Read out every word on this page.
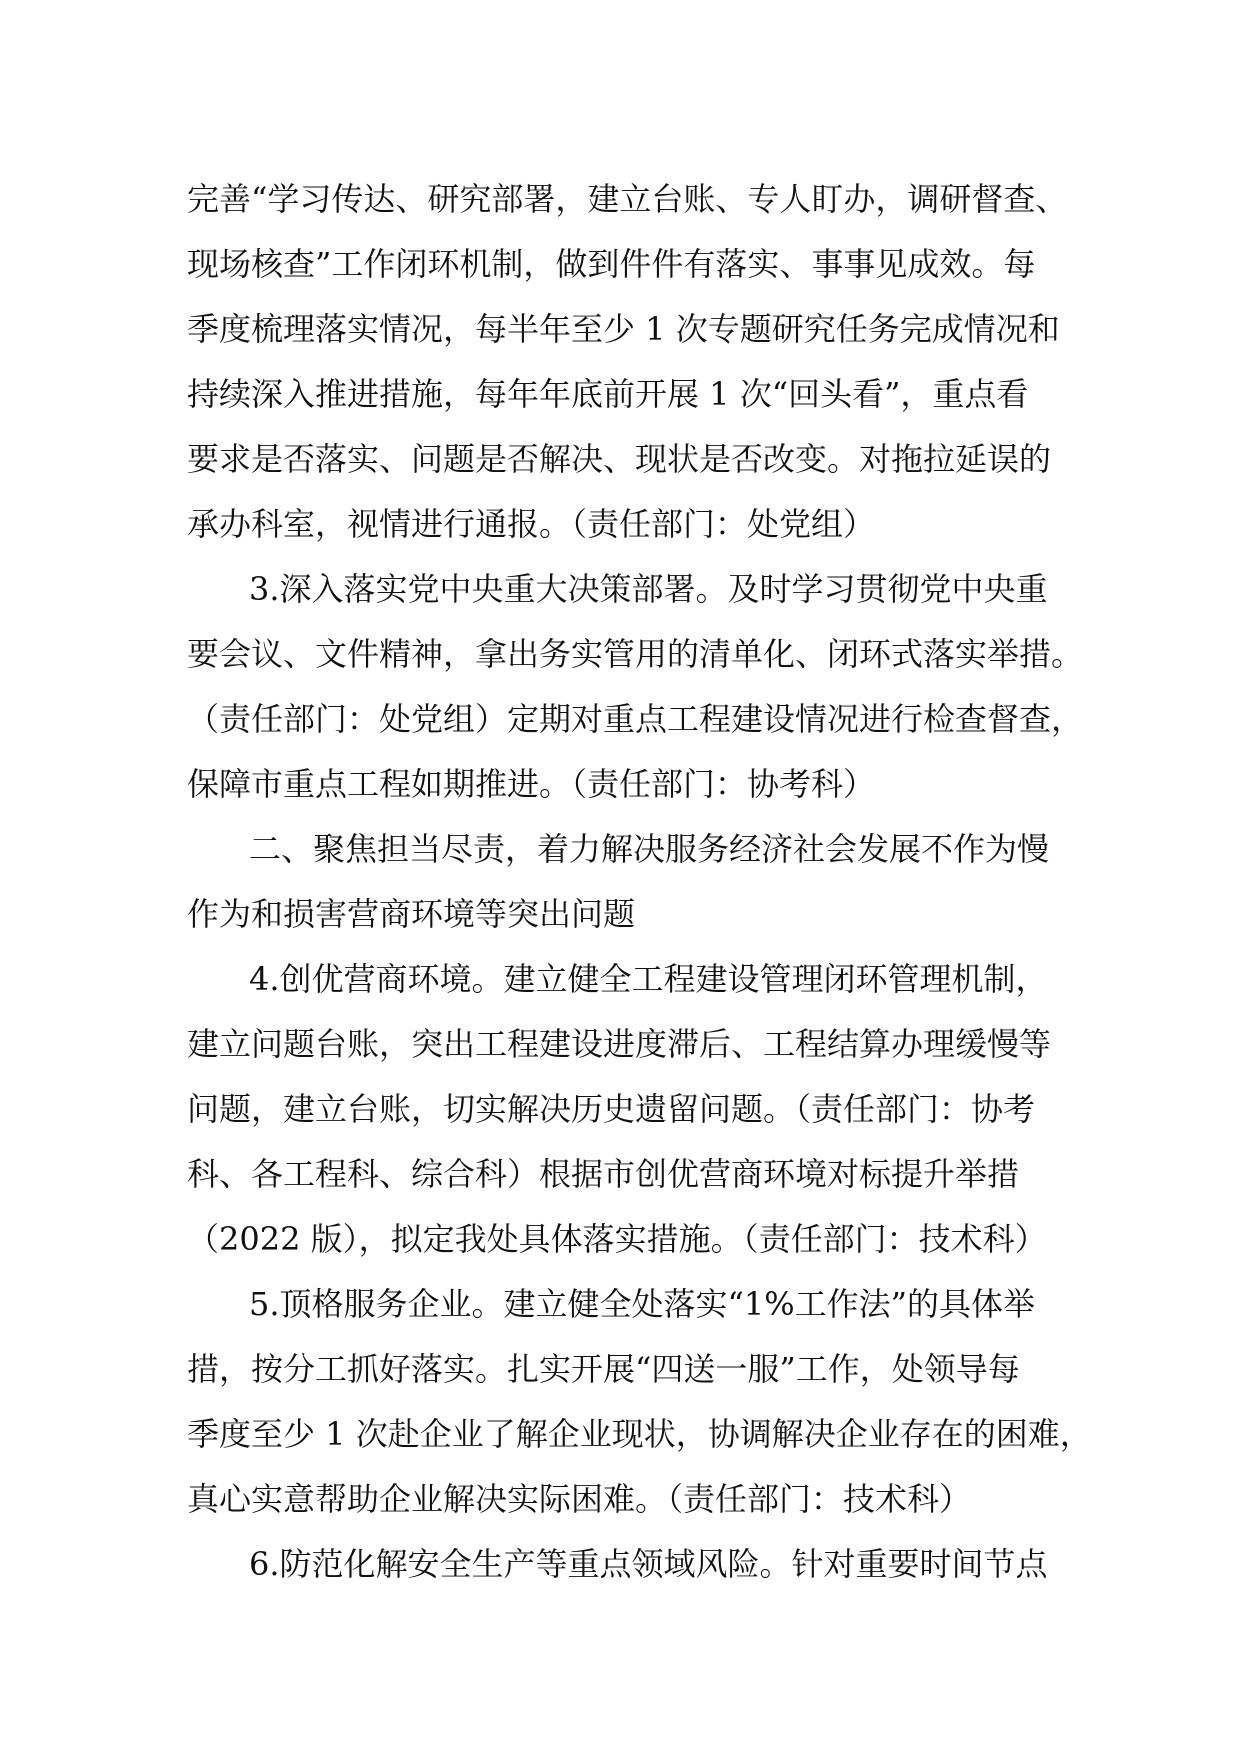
完善“学习传达、研究部署，建立台账、专人盯办，调研督查、
现场核查”工作闭环机制，做到件件有落实、事事见成效。每
季度梳理落实情况，每半年至少 1 次专题研究任务完成情况和
持续深入推进措施，每年年底前开展 1 次“回头看”，重点看
要求是否落实、问题是否解决、现状是否改变。对拖拉延误的
承办科室，视情进行通报。（责任部门：处党组）
3.深入落实党中央重大决策部署。及时学习贯彻党中央重
要会议、文件精神，拿出务实管用的清单化、闭环式落实举措。
（责任部门：处党组）定期对重点工程建设情况进行检查督查，
保障市重点工程如期推进。（责任部门：协考科）
二、聚焦担当尽责，着力解决服务经济社会发展不作为慢
作为和损害营商环境等突出问题
4.创优营商环境。建立健全工程建设管理闭环管理机制，
建立问题台账，突出工程建设进度滞后、工程结算办理缓慢等
问题，建立台账，切实解决历史遗留问题。（责任部门：协考
科、各工程科、综合科）根据市创优营商环境对标提升举措
（2022 版），拟定我处具体落实措施。（责任部门：技术科）
5.顶格服务企业。建立健全处落实“1%工作法”的具体举
措，按分工抓好落实。扎实开展“四送一服”工作，处领导每
季度至少 1 次赴企业了解企业现状，协调解决企业存在的困难，
真心实意帮助企业解决实际困难。（责任部门：技术科）
6.防范化解安全生产等重点领域风险。针对重要时间节点
